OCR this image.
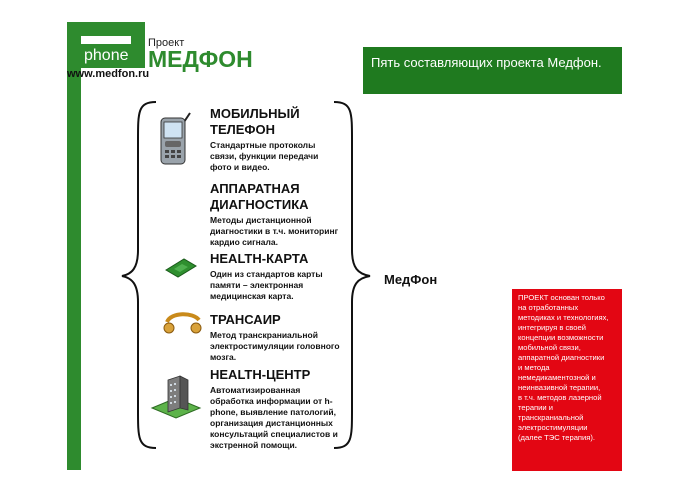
phone
www.medfon.ru
Проект
МЕДФОН	Пять составляющих проекта Медфон.
МОБИЛЬНЫЙ
ТЕЛЕФОН
Стандартные протоколы
связи, функции передачи
фото и видео.
АППАРАТНАЯ
ДИАГНОСТИКА
Методы дистанционной
диагностики в т.ч. мониторинг
кардио сигнала.
HEALTH-КАРТА
Один из стандартов карты
памяти – электронная
медицинская карта.
ТРАНСАИР
Метод транскраниальной
электростимуляции головного
мозга.
HEALTH-ЦЕНТР
Автоматизированная
обработка информации от h-
phone, выявление патологий,
организация дистанционных
консультаций специалистов и
экстренной помощи.
МедФон
ПРОЕКТ основан только
на отработанных
методиках и технологиях,
интегрируя в своей
концепции возможности
мобильной связи,
аппаратной диагностики
и метода
немедикаментозной и
неинвазивной терапии,
в т.ч. методов лазерной
терапии и
транскраниальной
электростимуляции
(далее ТЭС терапия).
